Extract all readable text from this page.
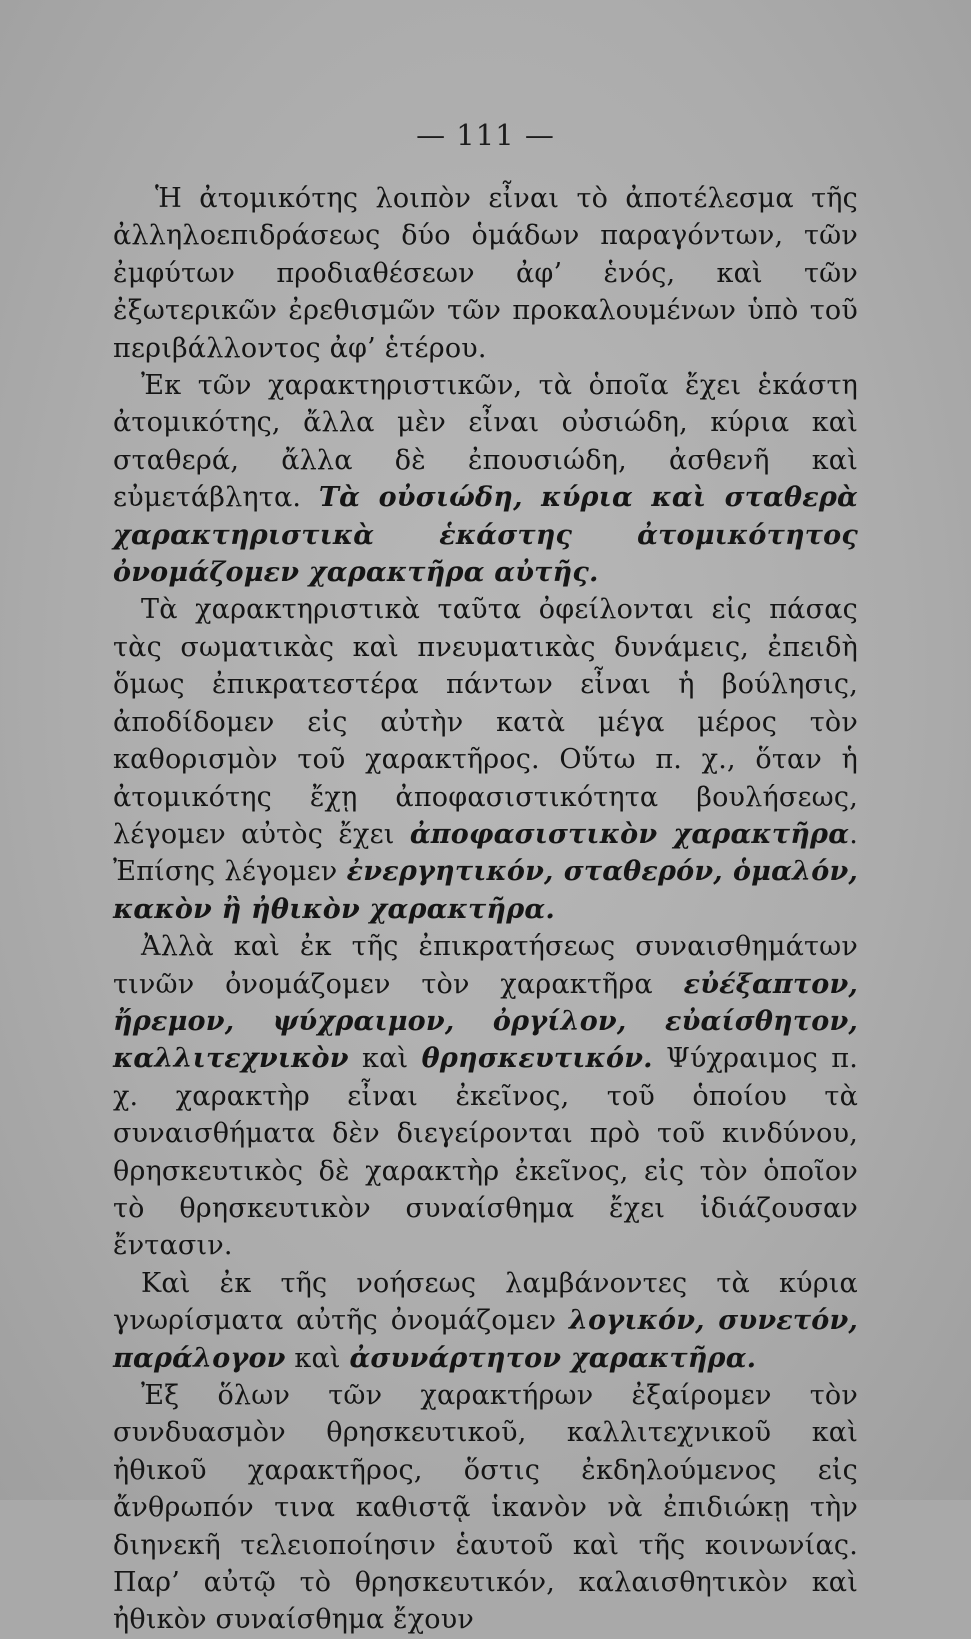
— 111 —

Ἡ ἀτομικότης λοιπὸν εἶναι τὸ ἀποτέλεσμα τῆς ἀλληλοεπιδράσεως δύο ὁμάδων παραγόντων, τῶν ἐμφύτων προδιαθέσεων ἀφ’ ἑνός, καὶ τῶν ἐξωτερικῶν ἐρεθισμῶν τῶν προκαλουμένων ὑπὸ τοῦ περιβάλλοντος ἀφ’ ἑτέρου.

Ἐκ τῶν χαρακτηριστικῶν, τὰ ὁποῖα ἔχει ἑκάστη ἀτομικότης, ἄλλα μὲν εἶναι οὐσιώδη, κύρια καὶ σταθερά, ἄλλα δὲ ἐπουσιώδη, ἀσθενῆ καὶ εὐμετάβλητα. Τὰ οὐσιώδη, κύρια καὶ σταθερὰ χαρακτηριστικὰ ἑκάστης ἀτομικότητος ὀνομάζομεν χαρακτῆρα αὐτῆς.

Τὰ χαρακτηριστικὰ ταῦτα ὀφείλονται εἰς πάσας τὰς σωματικὰς καὶ πνευματικὰς δυνάμεις, ἐπειδὴ ὅμως ἐπικρατεστέρα πάντων εἶναι ἡ βούλησις, ἀποδίδομεν εἰς αὐτὴν κατὰ μέγα μέρος τὸν καθορισμὸν τοῦ χαρακτῆρος. Οὕτω π. χ., ὅταν ἡ ἀτομικότης ἔχῃ ἀποφασιστικότητα βουλήσεως, λέγομεν αὐτὸς ἔχει ἀποφασιστικὸν χαρακτῆρα. Ἐπίσης λέγομεν ἐνεργητικόν, σταθερόν, ὁμαλόν, κακὸν ἢ ἠθικὸν χαρακτῆρα.

Ἀλλὰ καὶ ἐκ τῆς ἐπικρατήσεως συναισθημάτων τινῶν ὀνομάζομεν τὸν χαρακτῆρα εὐέξαπτον, ἤρεμον, ψύχραιμον, ὀργίλον, εὐαίσθητον, καλλιτεχνικὸν καὶ θρησκευτικόν. Ψύχραιμος π. χ. χαρακτὴρ εἶναι ἐκεῖνος, τοῦ ὁποίου τὰ συναισθήματα δὲν διεγείρονται πρὸ τοῦ κινδύνου, θρησκευτικὸς δὲ χαρακτὴρ ἐκεῖνος, εἰς τὸν ὁποῖον τὸ θρησκευτικὸν συναίσθημα ἔχει ἰδιάζουσαν ἔντασιν.

Καὶ ἐκ τῆς νοήσεως λαμβάνοντες τὰ κύρια γνωρίσματα αὐτῆς ὀνομάζομεν λογικόν, συνετόν, παράλογον καὶ ἀσυνάρτητον χαρακτῆρα.

Ἐξ ὅλων τῶν χαρακτήρων ἐξαίρομεν τὸν συνδυασμὸν θρησκευτικοῦ, καλλιτεχνικοῦ καὶ ἠθικοῦ χαρακτῆρος, ὅστις ἐκδηλούμενος εἰς ἄνθρωπόν τινα καθιστᾷ ἱκανὸν νὰ ἐπιδιώκῃ τὴν διηνεκῆ τελειοποίησιν ἑαυτοῦ καὶ τῆς κοινωνίας. Παρ’ αὐτῷ τὸ θρησκευτικόν, καλαισθητικὸν καὶ ἠθικὸν συναίσθημα ἔχουν
